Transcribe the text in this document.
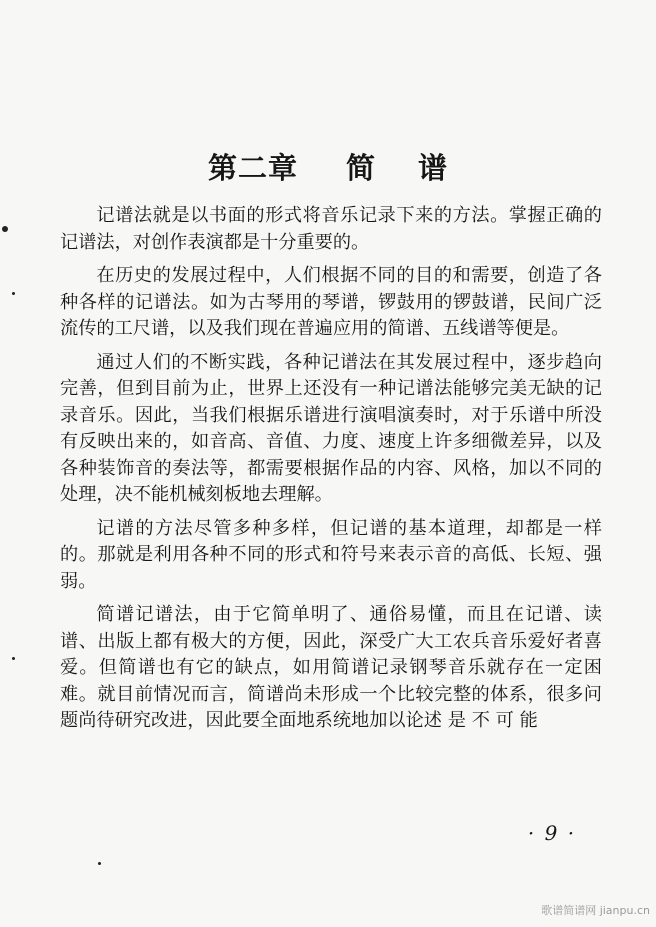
第二章 简 谱

记谱法就是以书面的形式将音乐记录下来的方法。掌握正确的记谱法，对创作表演都是十分重要的。

在历史的发展过程中，人们根据不同的目的和需要，创造了各种各样的记谱法。如为古琴用的琴谱，锣鼓用的锣鼓谱，民间广泛流传的工尺谱，以及我们现在普遍应用的简谱、五线谱等便是。

通过人们的不断实践，各种记谱法在其发展过程中，逐步趋向完善，但到目前为止，世界上还没有一种记谱法能够完美无缺的记录音乐。因此，当我们根据乐谱进行演唱演奏时，对于乐谱中所没有反映出来的，如音高、音值、力度、速度上许多细微差异，以及各种装饰音的奏法等，都需要根据作品的内容、风格，加以不同的处理，决不能机械刻板地去理解。

记谱的方法尽管多种多样，但记谱的基本道理，却都是一样的。那就是利用各种不同的形式和符号来表示音的高低、长短、强弱。

简谱记谱法，由于它简单明了、通俗易懂，而且在记谱、读谱、出版上都有极大的方便，因此，深受广大工农兵音乐爱好者喜爱。但简谱也有它的缺点，如用简谱记录钢琴音乐就存在一定困难。就目前情况而言，简谱尚未形成一个比较完整的体系，很多问题尚待研究改进，因此要全面地系统地加以论述 是 不 可 能

· 9 ·
歌谱简谱网 jianpu.cn
